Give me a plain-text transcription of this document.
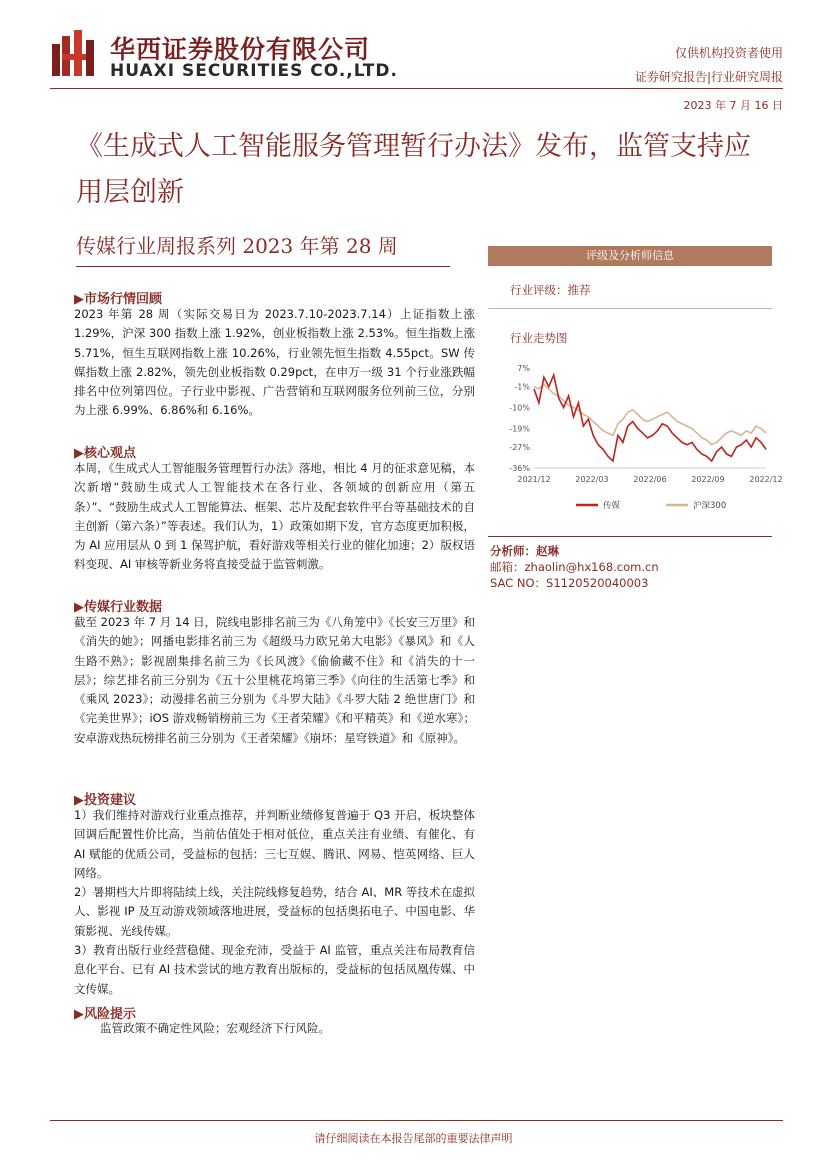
华西证券股份有限公司
HUAXI SECURITIES CO.,LTD.
仅供机构投资者使用
证券研究报告|行业研究周报
2023 年 7 月 16 日
《生成式人工智能服务管理暂行办法》发布，监管支持应用层创新
传媒行业周报系列 2023 年第 28 周
▶市场行情回顾
2023 年第 28 周（实际交易日为 2023.7.10-2023.7.14）上证指数上涨 1.29%，沪深 300 指数上涨 1.92%，创业板指数上涨 2.53%。恒生指数上涨 5.71%，恒生互联网指数上涨 10.26%，行业领先恒生指数 4.55pct。SW 传媒指数上涨 2.82%，领先创业板指数 0.29pct，在申万一级 31 个行业涨跌幅排名中位列第四位。子行业中影视、广告营销和互联网服务位列前三位，分别为上涨 6.99%、6.86%和 6.16%。
▶核心观点
本周，《生成式人工智能服务管理暂行办法》落地，相比 4 月的征求意见稿，本次新增“鼓励生成式人工智能技术在各行业、各领域的创新应用（第五条）”、“鼓励生成式人工智能算法、框架、芯片及配套软件平台等基础技术的自主创新（第六条）”等表述。我们认为，1）政策如期下发，官方态度更加积极，为 AI 应用层从 0 到 1 保驾护航，看好游戏等相关行业的催化加速；2）版权语料变现、AI 审核等新业务将直接受益于监管刺激。
▶传媒行业数据
截至 2023 年 7 月 14 日，院线电影排名前三为《八角笼中》《长安三万里》和《消失的她》；网播电影排名前三为《超级马力欧兄弟大电影》《暴风》和《人生路不熟》；影视剧集排名前三为《长风渡》《偷偷藏不住》和《消失的十一层》；综艺排名前三分别为《五十公里桃花坞第三季》《向往的生活第七季》和《乘风 2023》；动漫排名前三分别为《斗罗大陆》《斗罗大陆 2 绝世唐门》和《完美世界》；iOS 游戏畅销榜前三为《王者荣耀》《和平精英》和《逆水寒》；安卓游戏热玩榜排名前三分别为《王者荣耀》《崩坏：星穹铁道》和《原神》。
▶投资建议
1）我们维持对游戏行业重点推荐，并判断业绩修复普遍于 Q3 开启，板块整体回调后配置性价比高，当前估值处于相对低位，重点关注有业绩、有催化、有 AI 赋能的优质公司，受益标的包括：三七互娱、腾讯、网易、恺英网络、巨人网络。
2）暑期档大片即将陆续上线，关注院线修复趋势，结合 AI、MR 等技术在虚拟人、影视 IP 及互动游戏领域落地进展，受益标的包括奥拓电子、中国电影、华策影视、光线传媒。
3）教育出版行业经营稳健、现金充沛，受益于 AI 监管，重点关注布局教育信息化平台、已有 AI 技术尝试的地方教育出版标的，受益标的包括凤凰传媒、中文传媒。
▶风险提示
监管政策不确定性风险；宏观经济下行风险。
评级及分析师信息
行业评级：推荐
行业走势图
7%
-1%
-10%
-19%
-27%
-36%
2021/12	2022/03	2022/06	2022/09	2022/12
传媒	沪深300
分析师：赵琳
邮箱：zhaolin@hx168.com.cn
SAC NO：S1120520040003
请仔细阅读在本报告尾部的重要法律声明
